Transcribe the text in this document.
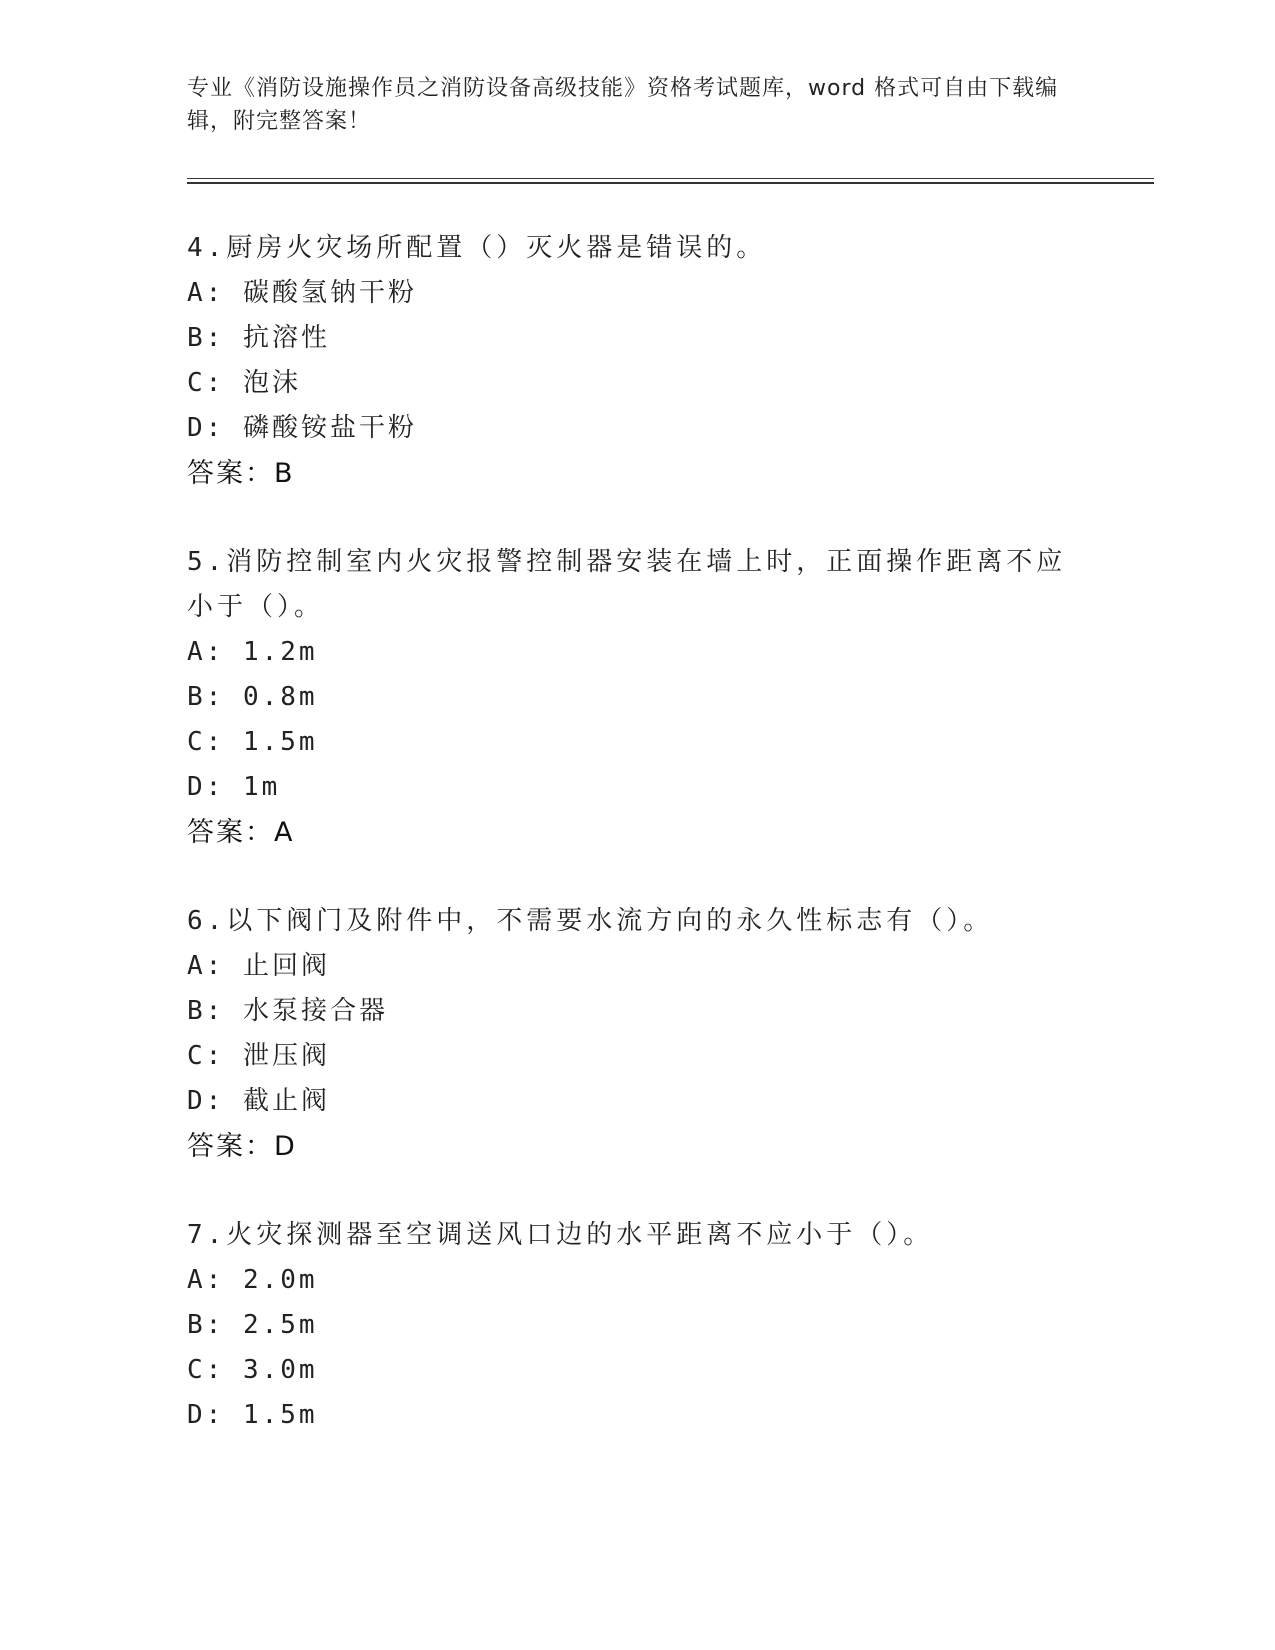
专业《消防设施操作员之消防设备高级技能》资格考试题库，word 格式可自由下载编辑，附完整答案！

4.厨房火灾场所配置（）灭火器是错误的。

A: 碳酸氢钠干粉

B: 抗溶性

C: 泡沫

D: 磷酸铵盐干粉

答案：B

5.消防控制室内火灾报警控制器安装在墙上时，正面操作距离不应小于（）。

A: 1.2m

B: 0.8m

C: 1.5m

D: 1m

答案：A

6.以下阀门及附件中，不需要水流方向的永久性标志有（）。

A: 止回阀

B: 水泵接合器

C: 泄压阀

D: 截止阀

答案：D

7.火灾探测器至空调送风口边的水平距离不应小于（）。

A: 2.0m

B: 2.5m

C: 3.0m

D: 1.5m
